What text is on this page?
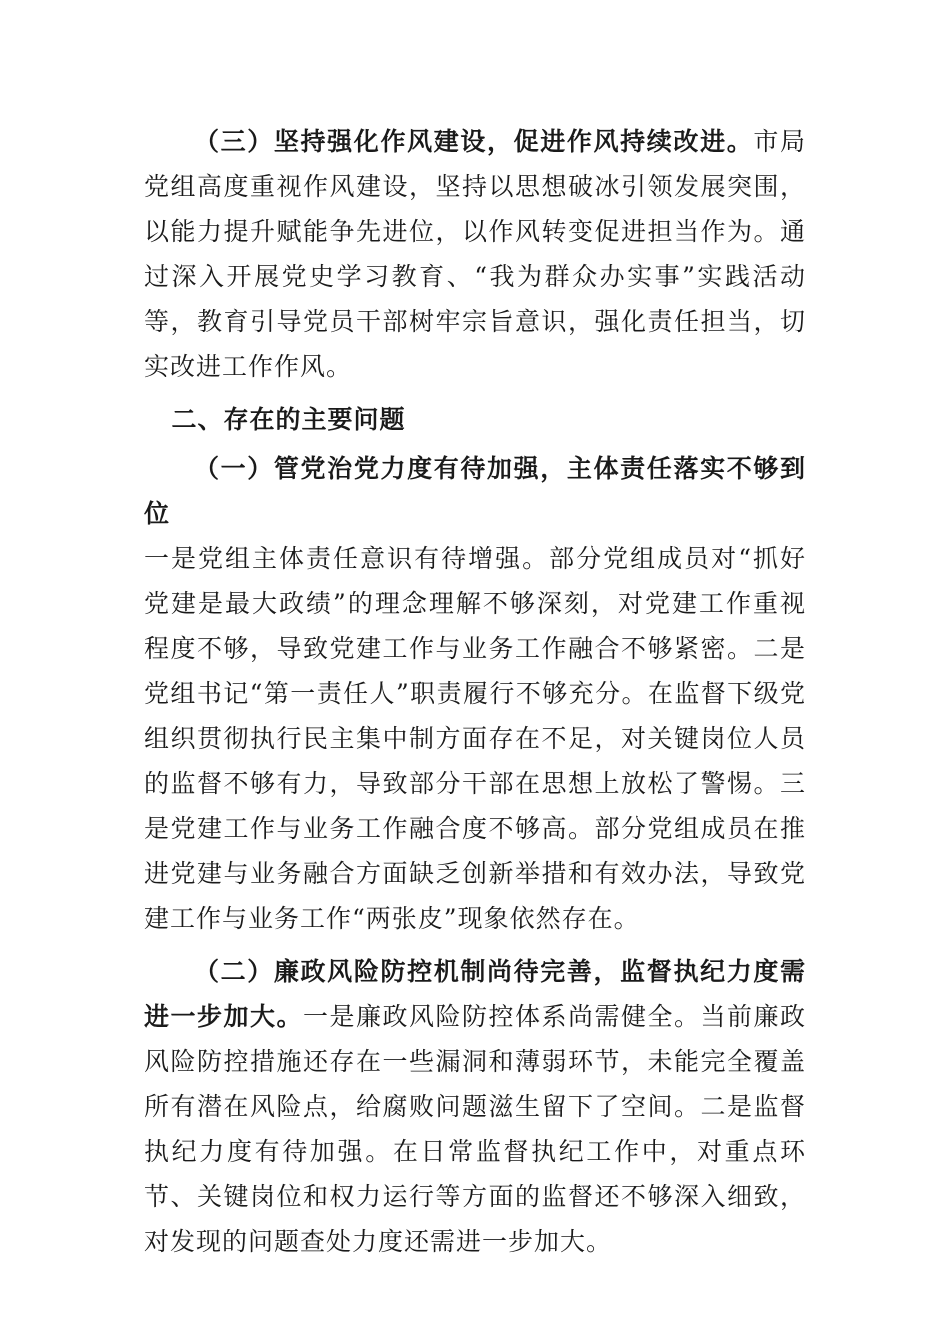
（三）坚持强化作风建设，促进作风持续改进。市局党组高度重视作风建设，坚持以思想破冰引领发展突围，以能力提升赋能争先进位，以作风转变促进担当作为。通过深入开展党史学习教育、“我为群众办实事”实践活动等，教育引导党员干部树牢宗旨意识，强化责任担当，切实改进工作作风。

二、存在的主要问题

（一）管党治党力度有待加强，主体责任落实不够到位

一是党组主体责任意识有待增强。部分党组成员对“抓好党建是最大政绩”的理念理解不够深刻，对党建工作重视程度不够，导致党建工作与业务工作融合不够紧密。二是党组书记“第一责任人”职责履行不够充分。在监督下级党组织贯彻执行民主集中制方面存在不足，对关键岗位人员的监督不够有力，导致部分干部在思想上放松了警惕。三是党建工作与业务工作融合度不够高。部分党组成员在推进党建与业务融合方面缺乏创新举措和有效办法，导致党建工作与业务工作“两张皮”现象依然存在。

（二）廉政风险防控机制尚待完善，监督执纪力度需进一步加大。一是廉政风险防控体系尚需健全。当前廉政风险防控措施还存在一些漏洞和薄弱环节，未能完全覆盖所有潜在风险点，给腐败问题滋生留下了空间。二是监督执纪力度有待加强。在日常监督执纪工作中，对重点环节、关键岗位和权力运行等方面的监督还不够深入细致，对发现的问题查处力度还需进一步加大。
